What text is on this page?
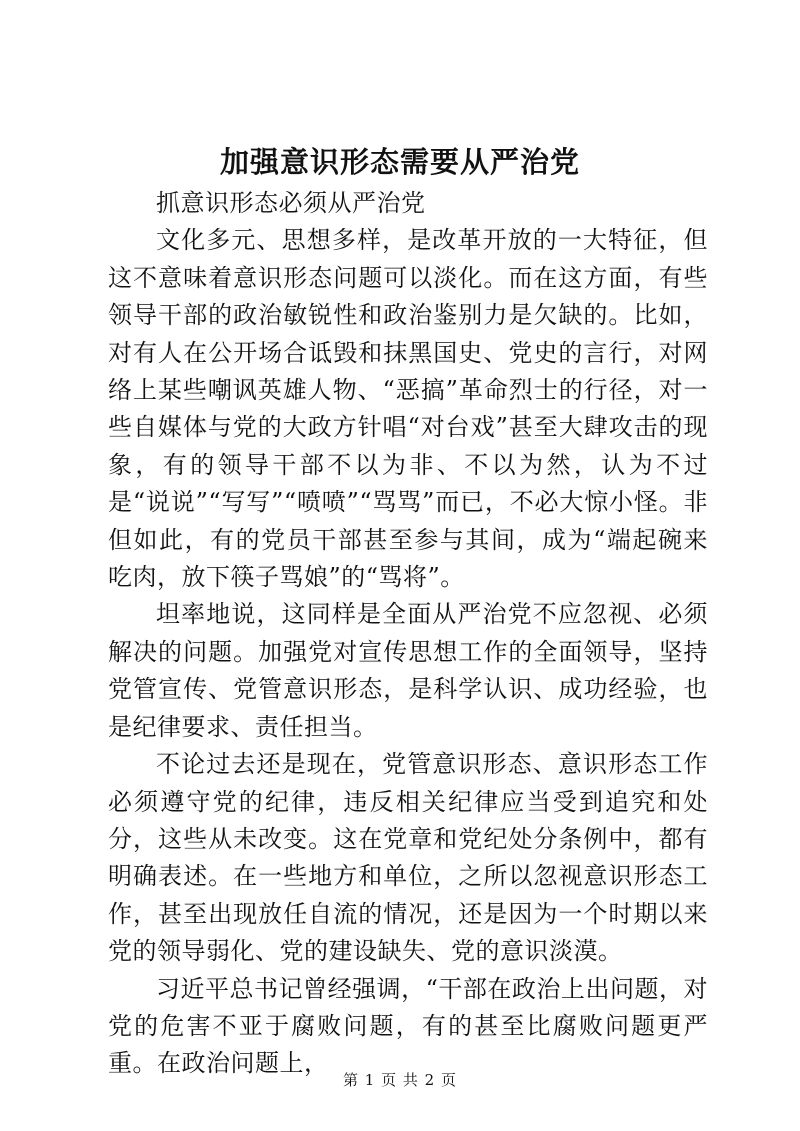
加强意识形态需要从严治党

抓意识形态必须从严治党

文化多元、思想多样，是改革开放的一大特征，但这不意味着意识形态问题可以淡化。而在这方面，有些领导干部的政治敏锐性和政治鉴别力是欠缺的。比如，对有人在公开场合诋毁和抹黑国史、党史的言行，对网络上某些嘲讽英雄人物、“恶搞”革命烈士的行径，对一些自媒体与党的大政方针唱“对台戏”甚至大肆攻击的现象，有的领导干部不以为非、不以为然，认为不过是“说说”“写写”“喷喷”“骂骂”而已，不必大惊小怪。非但如此，有的党员干部甚至参与其间，成为“端起碗来吃肉，放下筷子骂娘”的“骂将”。

坦率地说，这同样是全面从严治党不应忽视、必须解决的问题。加强党对宣传思想工作的全面领导，坚持党管宣传、党管意识形态，是科学认识、成功经验，也是纪律要求、责任担当。

不论过去还是现在，党管意识形态、意识形态工作必须遵守党的纪律，违反相关纪律应当受到追究和处分，这些从未改变。这在党章和党纪处分条例中，都有明确表述。在一些地方和单位，之所以忽视意识形态工作，甚至出现放任自流的情况，还是因为一个时期以来党的领导弱化、党的建设缺失、党的意识淡漠。

习近平总书记曾经强调，“干部在政治上出问题，对党的危害不亚于腐败问题，有的甚至比腐败问题更严重。在政治问题上，

第 1 页 共 2 页
